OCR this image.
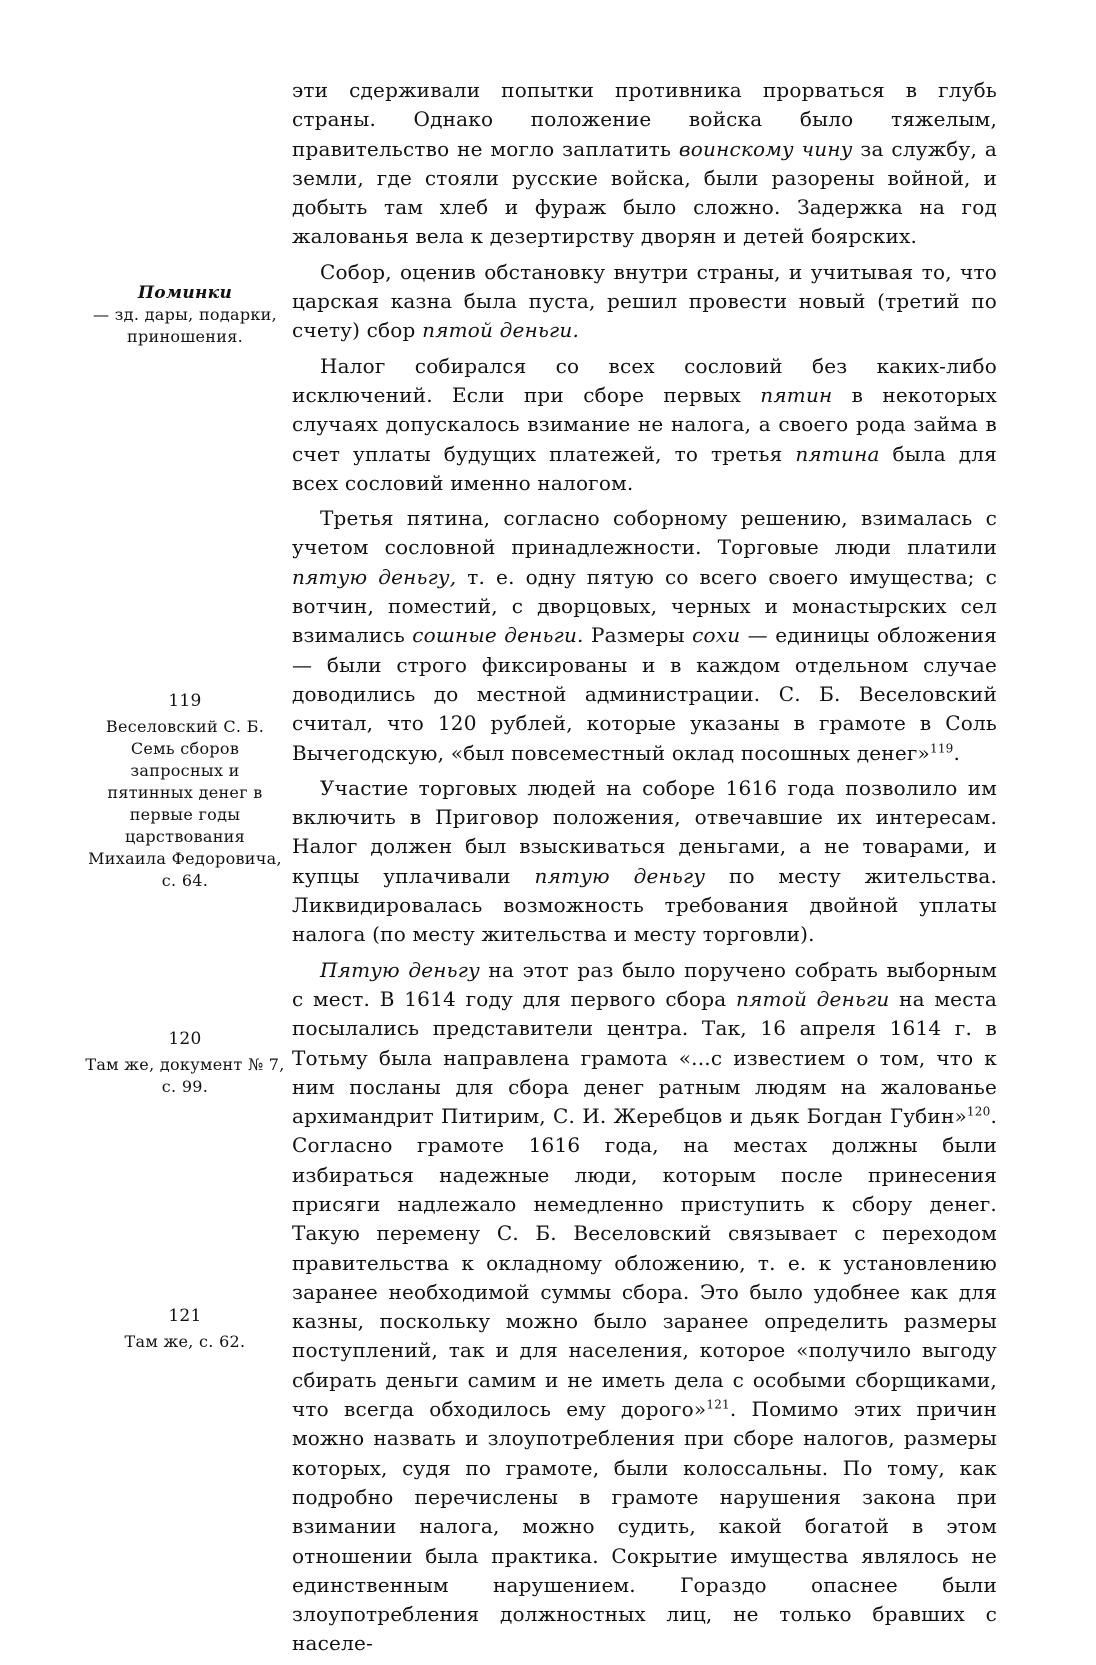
Поминки
— зд. дары, подарки, приношения.
119
Веселовский С. Б. Семь сборов запросных и пятинных денег в первые годы царствования Михаила Федоровича, с. 64.
120
Там же, документ № 7, с. 99.
121
Там же, с. 62.

эти сдерживали попытки противника прорваться в глубь страны. Однако положение войска было тяжелым, правительство не могло заплатить воинскому чину за службу, а земли, где стояли русские войска, были разорены войной, и добыть там хлеб и фураж было сложно. Задержка на год жалованья вела к дезертирству дворян и детей боярских.

Собор, оценив обстановку внутри страны, и учитывая то, что царская казна была пуста, решил провести новый (третий по счету) сбор пятой деньги.

Налог собирался со всех сословий без каких-либо исключений. Если при сборе первых пятин в некоторых случаях допускалось взимание не налога, а своего рода займа в счет уплаты будущих платежей, то третья пятина была для всех сословий именно налогом.

Третья пятина, согласно соборному решению, взималась с учетом сословной принадлежности. Торговые люди платили пятую деньгу, т. е. одну пятую со всего своего имущества; с вотчин, поместий, с дворцовых, черных и монастырских сел взимались сошные деньги. Размеры сохи — единицы обложения — были строго фиксированы и в каждом отдельном случае доводились до местной администрации. С. Б. Веселовский считал, что 120 рублей, которые указаны в грамоте в Соль Вычегодскую, «был повсеместный оклад посошных денег»$^{119}$.

Участие торговых людей на соборе 1616 года позволило им включить в Приговор положения, отвечавшие их интересам. Налог должен был взыскиваться деньгами, а не товарами, и купцы уплачивали пятую деньгу по месту жительства. Ликвидировалась возможность требования двойной уплаты налога (по месту жительства и месту торговли).

Пятую деньгу на этот раз было поручено собрать выборным с мест. В 1614 году для первого сбора пятой деньги на места посылались представители центра. Так, 16 апреля 1614 г. в Тотьму была направлена грамота «...с известием о том, что к ним посланы для сбора денег ратным людям на жалованье архимандрит Питирим, С. И. Жеребцов и дьяк Богдан Губин»$^{120}$. Согласно грамоте 1616 года, на местах должны были избираться надежные люди, которым после принесения присяги надлежало немедленно приступить к сбору денег. Такую перемену С. Б. Веселовский связывает с переходом правительства к окладному обложению, т. е. к установлению заранее необходимой суммы сбора. Это было удобнее как для казны, поскольку можно было заранее определить размеры поступлений, так и для населения, которое «получило выгоду сбирать деньги самим и не иметь дела с особыми сборщиками, что всегда обходилось ему дорого»$^{121}$. Помимо этих причин можно назвать и злоупотребления при сборе налогов, размеры которых, судя по грамоте, были колоссальны. По тому, как подробно перечислены в грамоте нарушения закона при взимании налога, можно судить, какой богатой в этом отношении была практика. Сокрытие имущества являлось не единственным нарушением. Гораздо опаснее были злоупотребления должностных лиц, не только бравших с населе-
